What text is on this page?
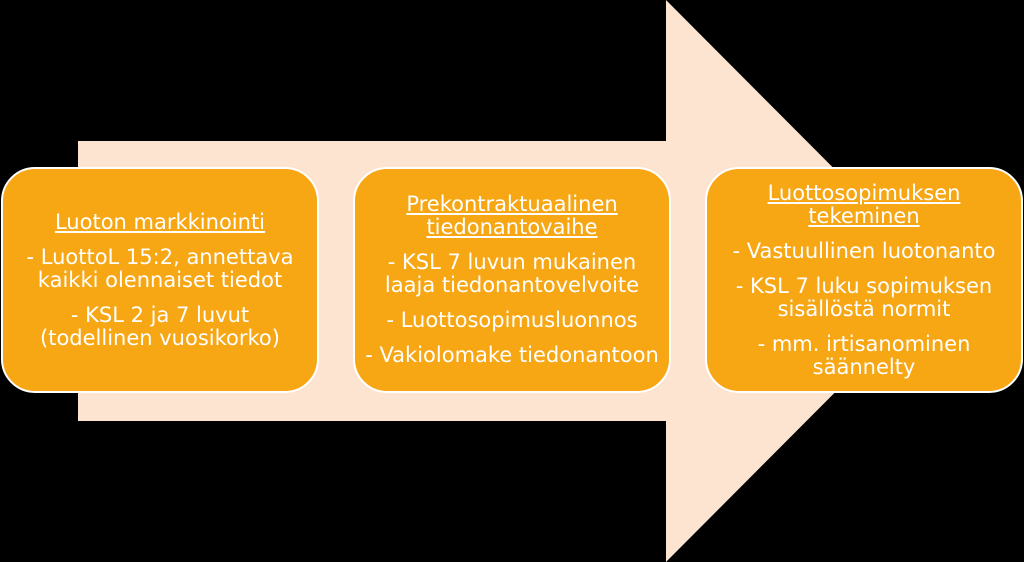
Luoton markkinointi
- LuottoL 15:2, annettava kaikki olennaiset tiedot
- KSL 2 ja 7 luvut (todellinen vuosikorko)
Prekontraktuaalinen tiedonantovaihe
- KSL 7 luvun mukainen laaja tiedonantovelvoite
- Luottosopimusluonnos
- Vakiolomake tiedonantoon
Luottosopimuksen tekeminen
- Vastuullinen luotonanto
- KSL 7 luku sopimuksen sisällöstä normit
- mm. irtisanominen säännelty
